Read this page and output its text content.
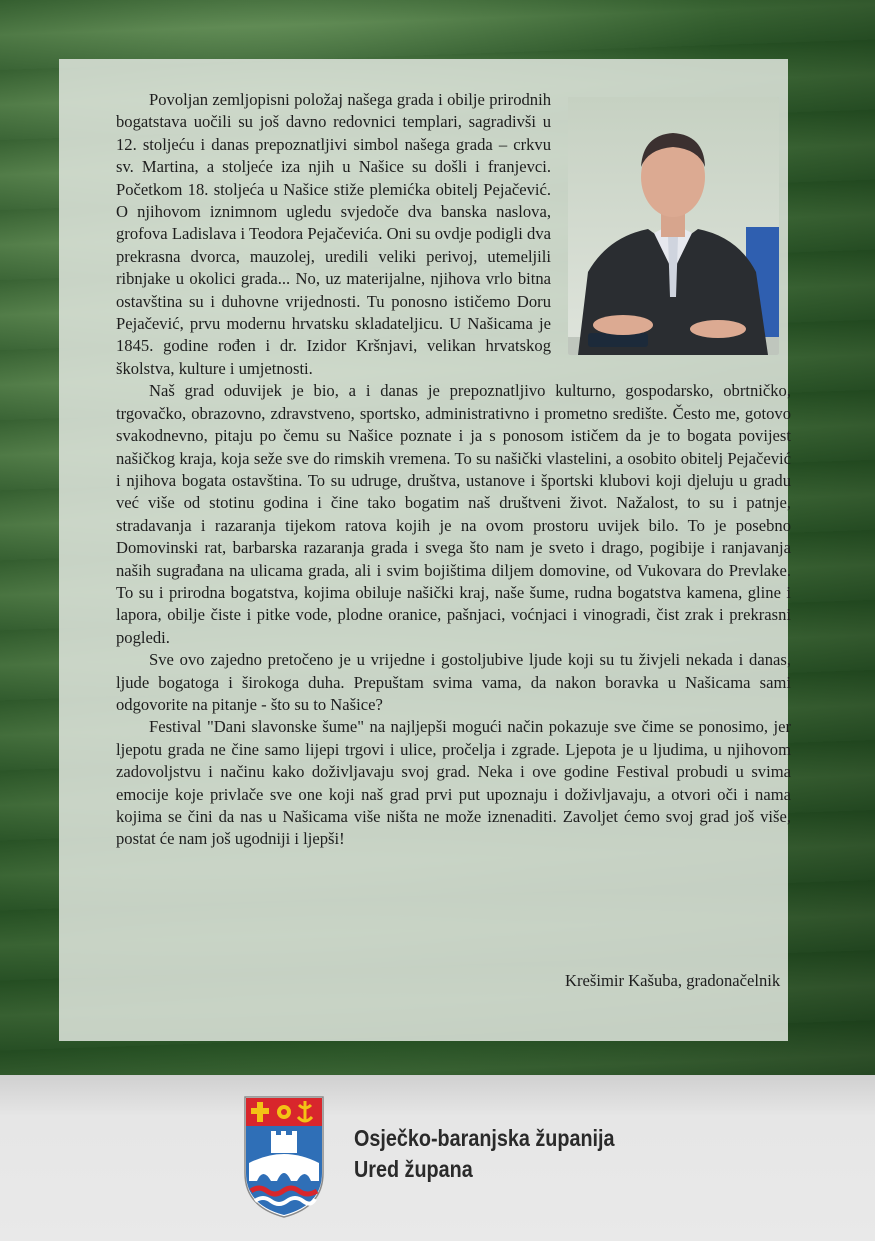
Povoljan zemljopisni položaj našega grada i obilje prirodnih bogatstava uočili su još davno redovnici templari, sagradivši u 12. stoljeću i danas prepoznatljivi simbol našega grada – crkvu sv. Martina, a stoljeće iza njih u Našice su došli i franjevci. Početkom 18. stoljeća u Našice stiže plemićka obitelj Pejačević. O njihovom iznimnom ugledu svjedoče dva banska naslova, grofova Ladislava i Teodora Pejačevića. Oni su ovdje podigli dva prekrasna dvorca, mauzolej, uredili veliki perivoj, utemeljili ribnjake u okolici grada... No, uz materijalne, njihova vrlo bitna ostavština su i duhovne vrijednosti. Tu ponosno ističemo Doru Pejačević, prvu modernu hrvatsku skladateljicu. U Našicama je 1845. godine rođen i dr. Izidor Kršnjavi, velikan hrvatskog školstva, kulture i umjetnosti.

Naš grad oduvijek je bio, a i danas je prepoznatljivo kulturno, gospodarsko, obrtničko, trgovačko, obrazovno, zdravstveno, sportsko, administrativno i prometno središte. Često me, gotovo svakodnevno, pitaju po čemu su Našice poznate i ja s ponosom ističem da je to bogata povijest našičkog kraja, koja seže sve do rimskih vremena. To su našički vlastelini, a osobito obitelj Pejačević i njihova bogata ostavština. To su udruge, društva, ustanove i športski klubovi koji djeluju u gradu već više od stotinu godina i čine tako bogatim naš društveni život. Nažalost, to su i patnje, stradavanja i razaranja tijekom ratova kojih je na ovom prostoru uvijek bilo. To je posebno Domovinski rat, barbarska razaranja grada i svega što nam je sveto i drago, pogibije i ranjavanja naših sugrađana na ulicama grada, ali i svim bojištima diljem domovine, od Vukovara do Prevlake. To su i prirodna bogatstva, kojima obiluje našički kraj, naše šume, rudna bogatstva kamena, gline i lapora, obilje čiste i pitke vode, plodne oranice, pašnjaci, voćnjaci i vinogradi, čist zrak i prekrasni pogledi.

Sve ovo zajedno pretočeno je u vrijedne i gostoljubive ljude koji su tu živjeli nekada i danas, ljude bogatoga i širokoga duha. Prepuštam svima vama, da nakon boravka u Našicama sami odgovorite na pitanje - što su to Našice?

Festival "Dani slavonske šume" na najljepši mogući način pokazuje sve čime se ponosimo, jer ljepotu grada ne čine samo lijepi trgovi i ulice, pročelja i zgrade. Ljepota je u ljudima, u njihovom zadovoljstvu i načinu kako doživljavaju svoj grad. Neka i ove godine Festival probudi u svima emocije koje privlače sve one koji naš grad prvi put upoznaju i doživljavaju, a otvori oči i nama kojima se čini da nas u Našicama više ništa ne može iznenaditi. Zavoljet ćemo svoj grad još više, postat će nam još ugodniji i ljepši!

Krešimir Kašuba, gradonačelnik
Osječko-baranjska županija
Ured župana
